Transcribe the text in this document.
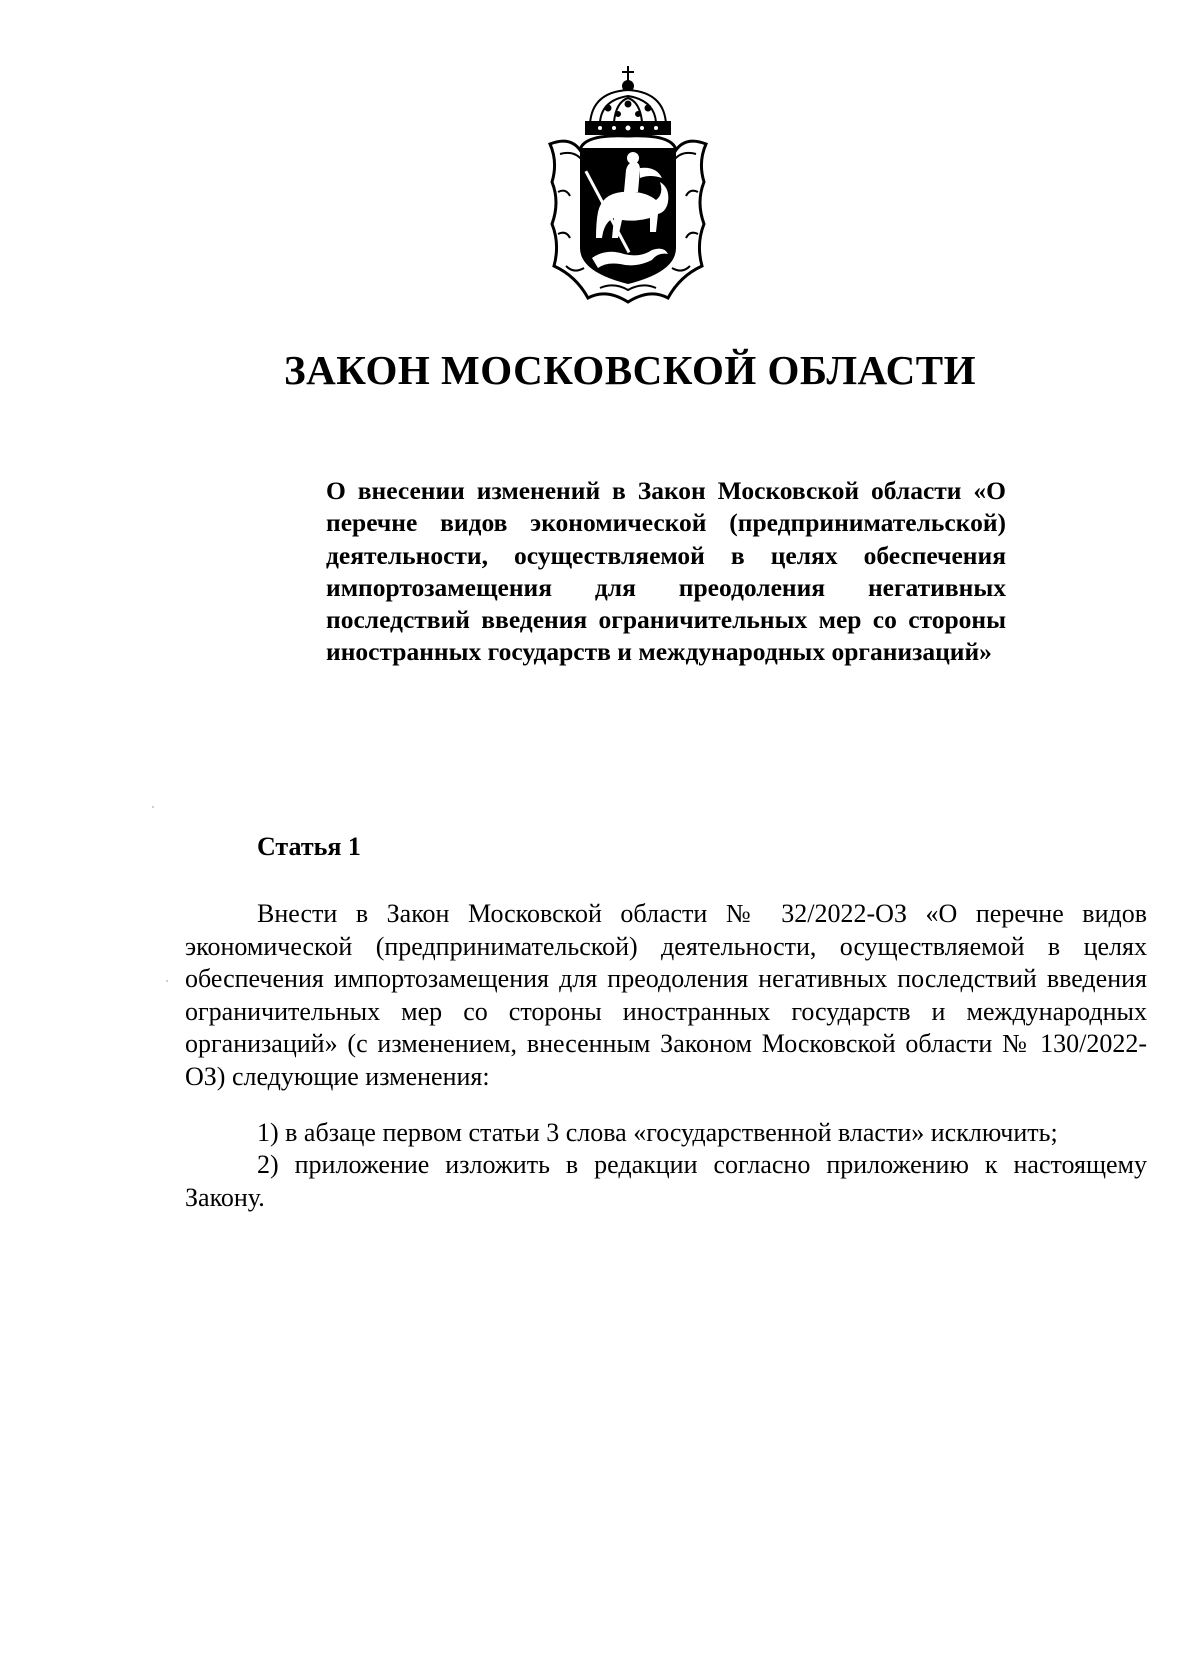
ЗАКОН МОСКОВСКОЙ ОБЛАСТИ

О внесении изменений в Закон Московской области «О перечне видов экономической (предпринимательской) деятельности, осуществляемой в целях обеспечения импортозамещения для преодоления негативных последствий введения ограничительных мер со стороны иностранных государств и международных организаций»

Статья 1

Внести в Закон Московской области № 32/2022-ОЗ «О перечне видов экономической (предпринимательской) деятельности, осуществляемой в целях обеспечения импортозамещения для преодоления негативных последствий введения ограничительных мер со стороны иностранных государств и международных организаций» (с изменением, внесенным Законом Московской области № 130/2022-ОЗ) следующие изменения:

1) в абзаце первом статьи 3 слова «государственной власти» исключить;

2) приложение изложить в редакции согласно приложению к настоящему Закону.
